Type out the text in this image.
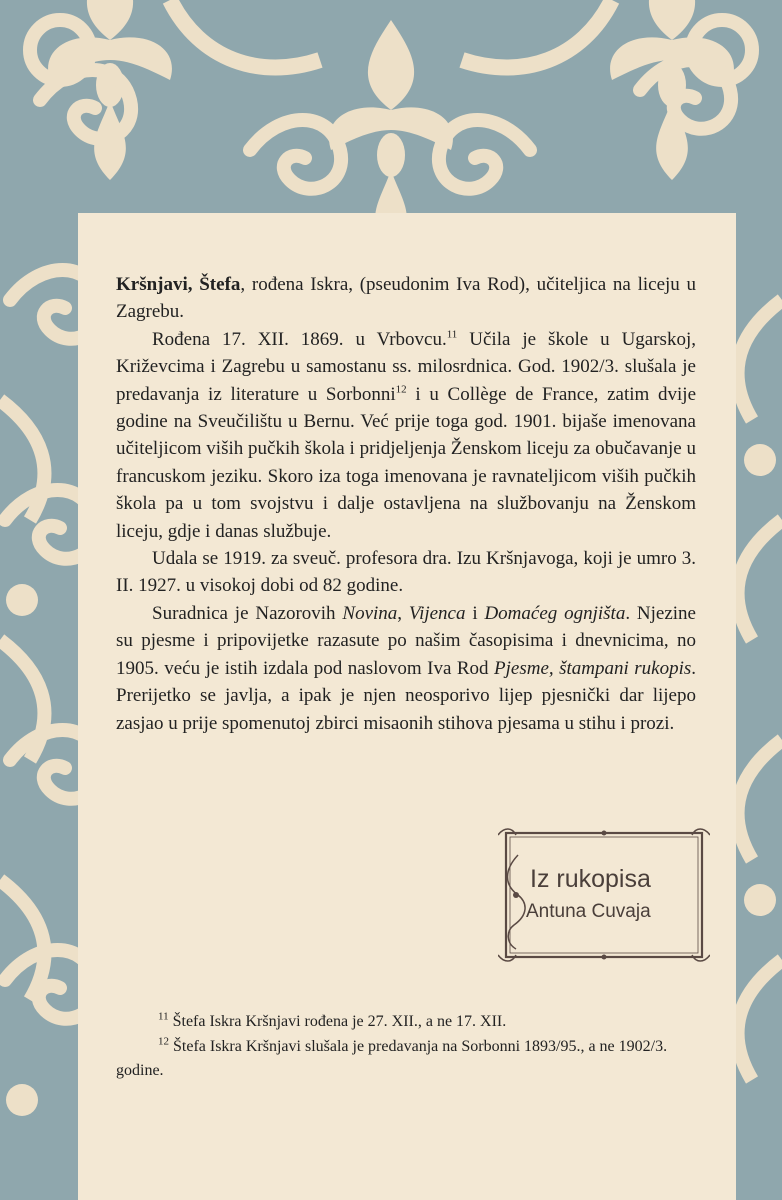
Kršnjavi, Štefa, rođena Iskra, (pseudonim Iva Rod), učiteljica na liceju u Zagrebu.

Rođena 17. XII. 1869. u Vrbovcu.$^{11}$ Učila je škole u Ugarskoj, Križevcima i Zagrebu u samostanu ss. milosrdnica. God. 1902/3. slušala je predavanja iz literature u Sorbonni$^{12}$ i u Collège de France, zatim dvije godine na Sveučilištu u Bernu. Već prije toga god. 1901. bijaše imenovana učiteljicom viših pučkih škola i pridjeljenja Ženskom liceju za obučavanje u francuskom jeziku. Skoro iza toga imenovana je ravnateljicom viših pučkih škola pa u tom svojstvu i dalje ostavljena na službovanju na Ženskom liceju, gdje i danas službuje.

Udala se 1919. za sveuč. profesora dra. Izu Kršnjavoga, koji je umro 3. II. 1927. u visokoj dobi od 82 godine.

Suradnica je Nazorovih Novina, Vijenca i Domaćeg ognjišta. Njezine su pjesme i pripovijetke razasute po našim časopisima i dnevnicima, no 1905. veću je istih izdala pod naslovom Iva Rod Pjesme, štampani rukopis. Prerijetko se javlja, a ipak je njen neosporivo lijep pjesnički dar lijepo zasjao u prije spomenutoj zbirci misaonih stihova pjesama u stihu i prozi.

Iz rukopisa
Antuna Cuvaja

$^{11}$ Štefa Iskra Kršnjavi rođena je 27. XII., a ne 17. XII.

$^{12}$ Štefa Iskra Kršnjavi slušala je predavanja na Sorbonni 1893/95., a ne 1902/3. godine.
